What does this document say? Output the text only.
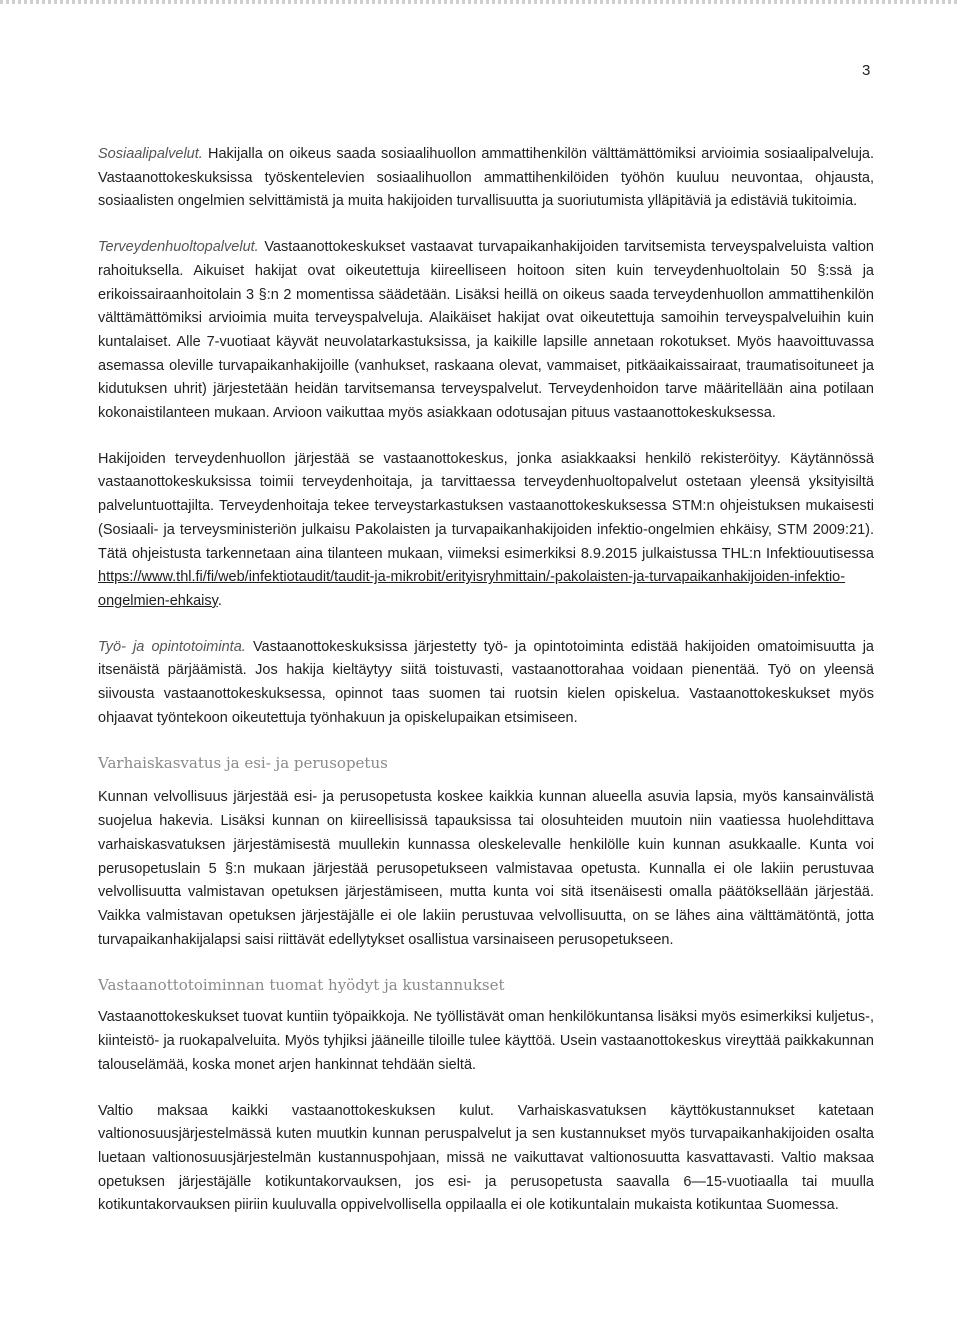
3

Sosiaalipalvelut. Hakijalla on oikeus saada sosiaalihuollon ammattihenkilön välttämättömiksi arvioimia sosiaalipalveluja. Vastaanottokeskuksissa työskentelevien sosiaalihuollon ammattihenkilöiden työhön kuuluu neuvontaa, ohjausta, sosiaalisten ongelmien selvittämistä ja muita hakijoiden turvallisuutta ja suoriutumista ylläpitäviä ja edistäviä tukitoimia.

Terveydenhuoltopalvelut. Vastaanottokeskukset vastaavat turvapaikanhakijoiden tarvitsemista terveyspalveluista valtion rahoituksella. Aikuiset hakijat ovat oikeutettuja kiireelliseen hoitoon siten kuin terveydenhuoltolain 50 §:ssä ja erikoissairaanhoitolain 3 §:n 2 momentissa säädetään. Lisäksi heillä on oikeus saada terveydenhuollon ammattihenkilön välttämättömiksi arvioimia muita terveyspalveluja. Alaikäiset hakijat ovat oikeutettuja samoihin terveyspalveluihin kuin kuntalaiset. Alle 7-vuotiaat käyvät neuvolatarkastuksissa, ja kaikille lapsille annetaan rokotukset. Myös haavoittuvassa asemassa oleville turvapaikanhakijoille (vanhukset, raskaana olevat, vammaiset, pitkäaikaissairaat, traumatisoituneet ja kidutuksen uhrit) järjestetään heidän tarvitsemansa terveyspalvelut. Terveydenhoidon tarve määritellään aina potilaan kokonaistilanteen mukaan. Arvioon vaikuttaa myös asiakkaan odotusajan pituus vastaanottokeskuksessa.

Hakijoiden terveydenhuollon järjestää se vastaanottokeskus, jonka asiakkaaksi henkilö rekisteröityy. Käytännössä vastaanottokeskuksissa toimii terveydenhoitaja, ja tarvittaessa terveydenhuoltopalvelut ostetaan yleensä yksityisiltä palveluntuottajilta. Terveydenhoitaja tekee terveystarkastuksen vastaanottokeskuksessa STM:n ohjeistuksen mukaisesti (Sosiaali- ja terveysministeriön julkaisu Pakolaisten ja turvapaikanhakijoiden infektio-ongelmien ehkäisy, STM 2009:21). Tätä ohjeistusta tarkennetaan aina tilanteen mukaan, viimeksi esimerkiksi 8.9.2015 julkaistussa THL:n Infektiouutisessa https://www.thl.fi/fi/web/infektiotaudit/taudit-ja-mikrobit/erityisryhmittain/-pakolaisten-ja-turvapaikanhakijoiden-infektio-ongelmien-ehkaisy.

Työ- ja opintotoiminta. Vastaanottokeskuksissa järjestetty työ- ja opintotoiminta edistää hakijoiden omatoimisuutta ja itsenäistä pärjäämistä. Jos hakija kieltäytyy siitä toistuvasti, vastaanottorahaa voidaan pienentää. Työ on yleensä siivousta vastaanottokeskuksessa, opinnot taas suomen tai ruotsin kielen opiskelua. Vastaanottokeskukset myös ohjaavat työntekoon oikeutettuja työnhakuun ja opiskelupaikan etsimiseen.

Varhaiskasvatus ja esi- ja perusopetus

Kunnan velvollisuus järjestää esi- ja perusopetusta koskee kaikkia kunnan alueella asuvia lapsia, myös kansainvälistä suojelua hakevia. Lisäksi kunnan on kiireellisissä tapauksissa tai olosuhteiden muutoin niin vaatiessa huolehdittava varhaiskasvatuksen järjestämisestä muullekin kunnassa oleskelevalle henkilölle kuin kunnan asukkaalle. Kunta voi perusopetuslain 5 §:n mukaan järjestää perusopetukseen valmistavaa opetusta. Kunnalla ei ole lakiin perustuvaa velvollisuutta valmistavan opetuksen järjestämiseen, mutta kunta voi sitä itsenäisesti omalla päätöksellään järjestää. Vaikka valmistavan opetuksen järjestäjälle ei ole lakiin perustuvaa velvollisuutta, on se lähes aina välttämätöntä, jotta turvapaikanhakijalapsi saisi riittävät edellytykset osallistua varsinaiseen perusopetukseen.

Vastaanottotoiminnan tuomat hyödyt ja kustannukset

Vastaanottokeskukset tuovat kuntiin työpaikkoja. Ne työllistävät oman henkilökuntansa lisäksi myös esimerkiksi kuljetus-, kiinteistö- ja ruokapalveluita. Myös tyhjiksi jääneille tiloille tulee käyttöä. Usein vastaanottokeskus vireyttää paikkakunnan talouselämää, koska monet arjen hankinnat tehdään sieltä.

Valtio maksaa kaikki vastaanottokeskuksen kulut. Varhaiskasvatuksen käyttökustannukset katetaan valtionosuusjärjestelmässä kuten muutkin kunnan peruspalvelut ja sen kustannukset myös turvapaikanhakijoiden osalta luetaan valtionosuusjärjestelmän kustannuspohjaan, missä ne vaikuttavat valtionosuutta kasvattavasti. Valtio maksaa opetuksen järjestäjälle kotikuntakorvauksen, jos esi- ja perusopetusta saavalla 6—15-vuotiaalla tai muulla kotikuntakorvauksen piiriin kuuluvalla oppivelvollisella oppilaalla ei ole kotikuntalain mukaista kotikuntaa Suomessa.
